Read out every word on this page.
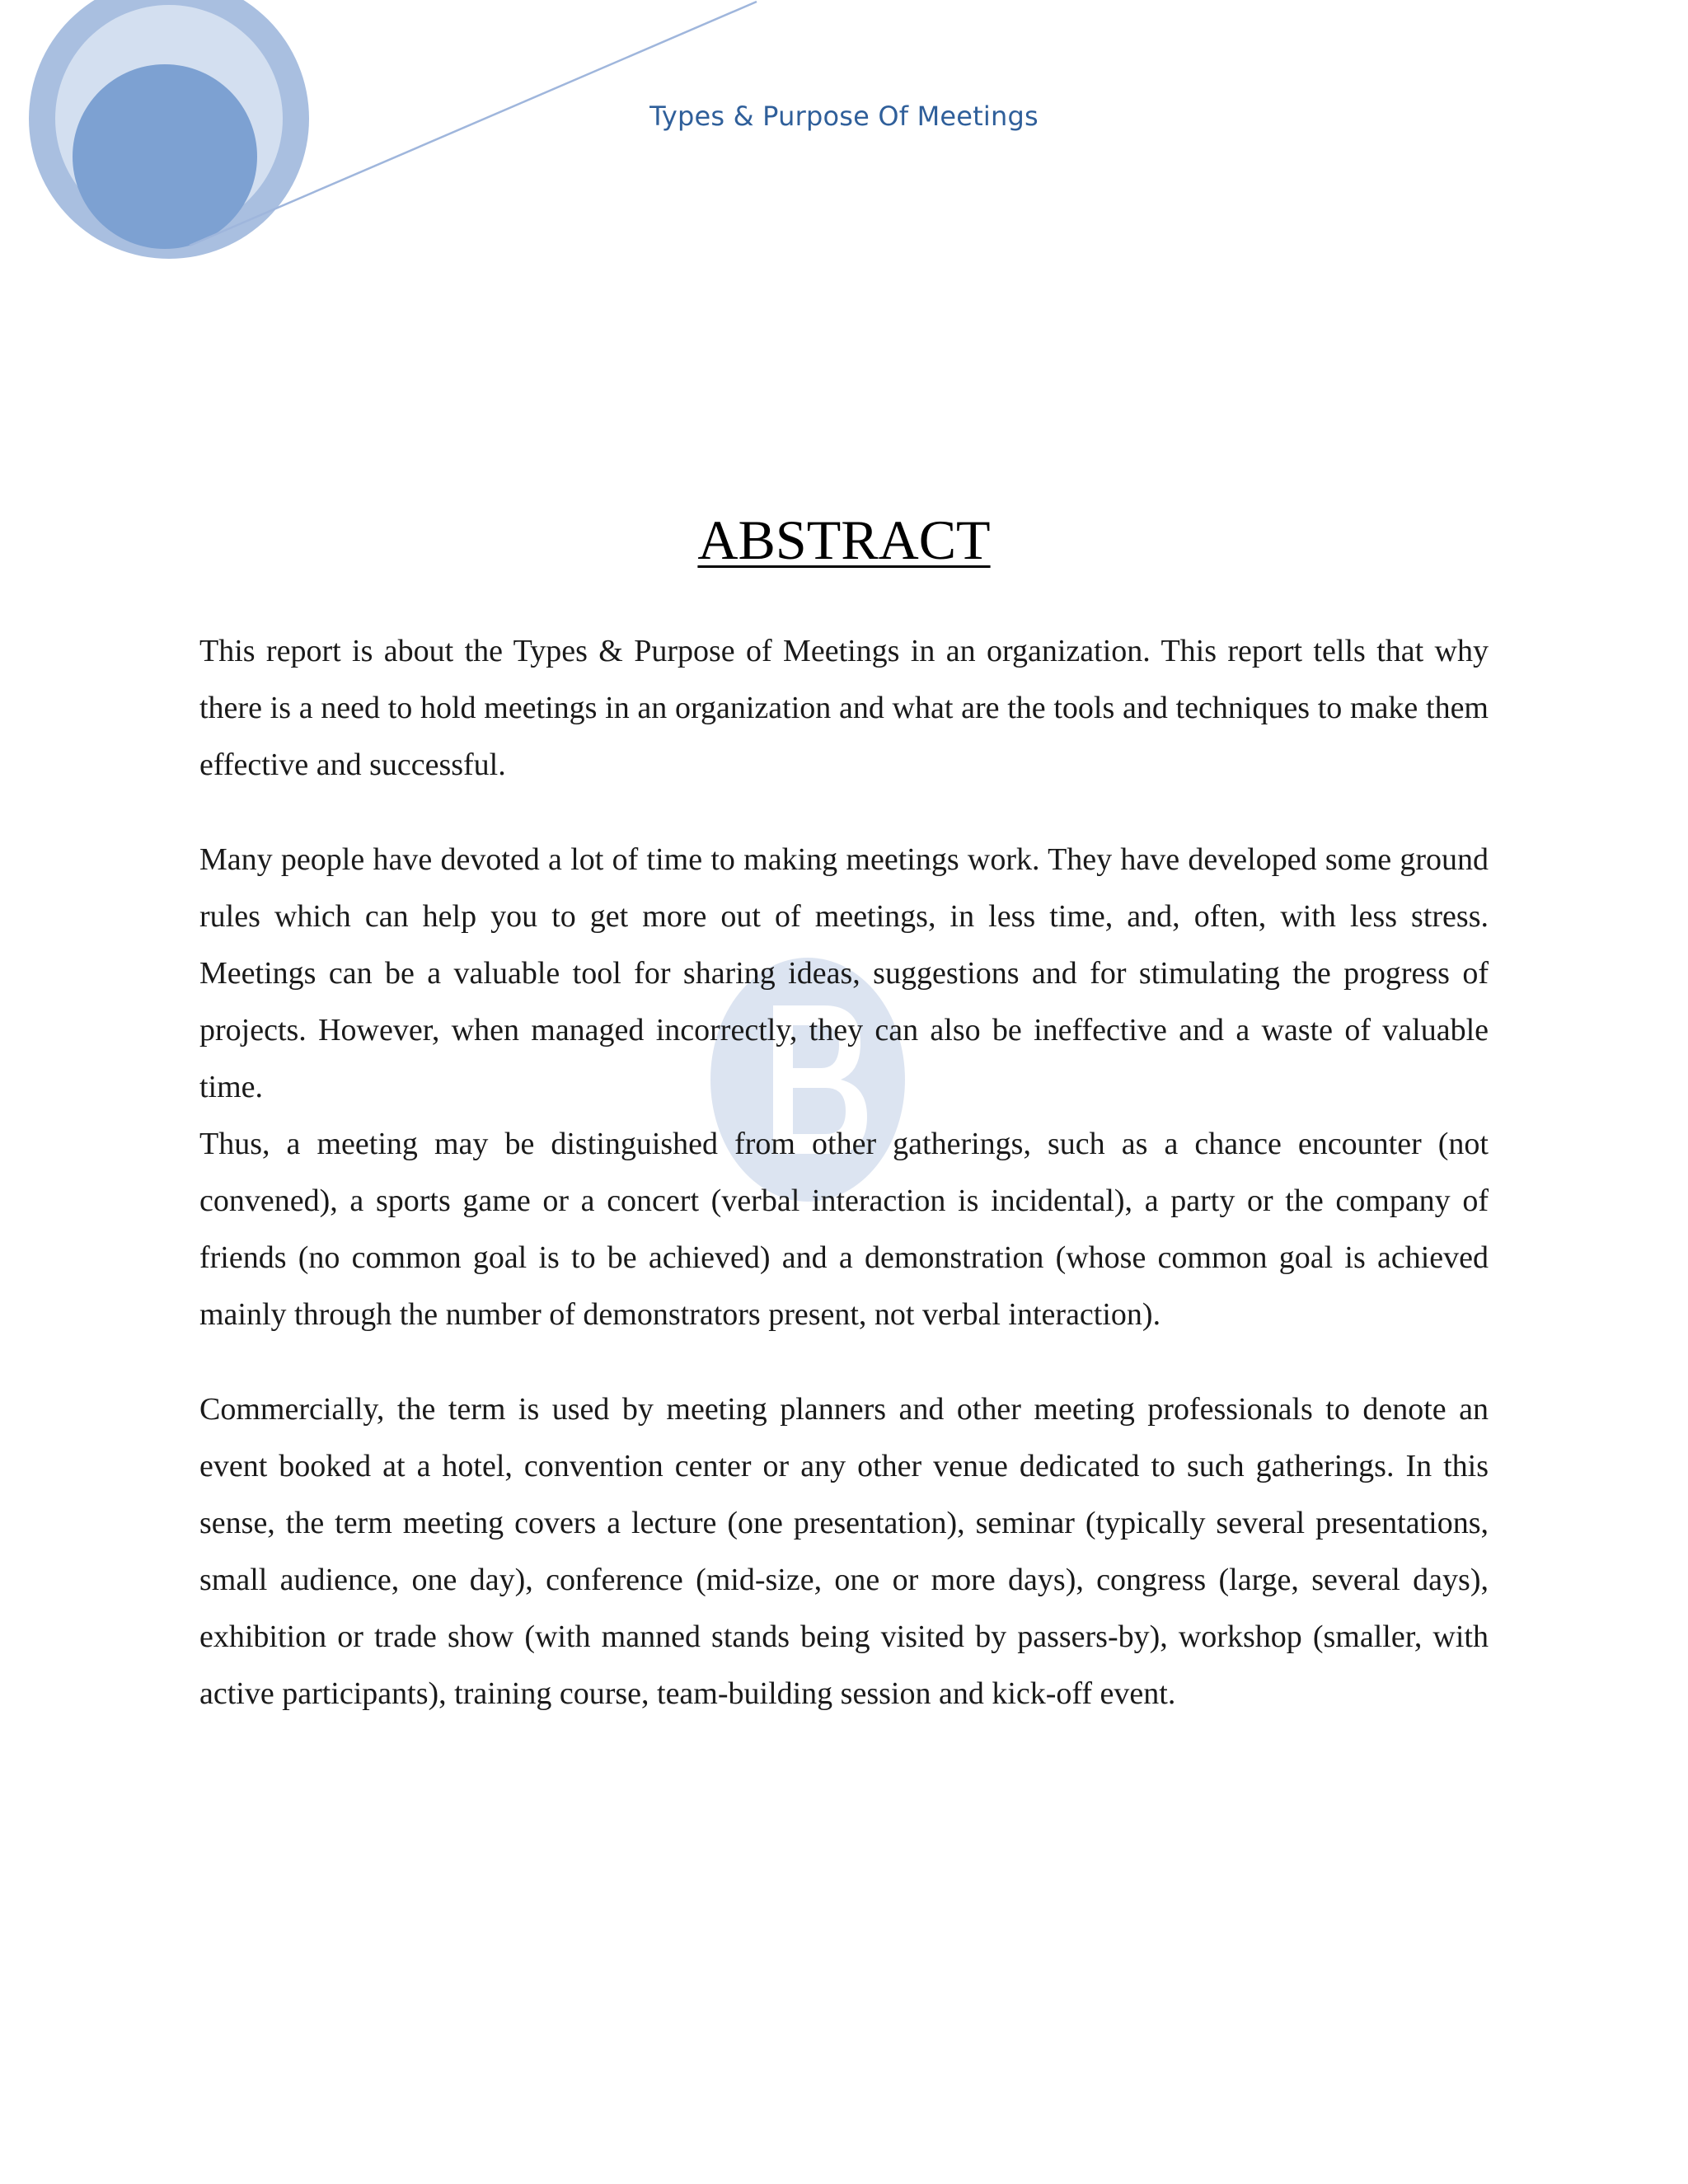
Types & Purpose Of Meetings
ABSTRACT

This report is about the Types & Purpose of Meetings in an organization. This report tells that why there is a need to hold meetings in an organization and what are the tools and techniques to make them effective and successful.

Many people have devoted a lot of time to making meetings work. They have developed some ground rules which can help you to get more out of meetings, in less time, and, often, with less stress. Meetings can be a valuable tool for sharing ideas, suggestions and for stimulating the progress of projects. However, when managed incorrectly, they can also be ineffective and a waste of valuable time.

Thus, a meeting may be distinguished from other gatherings, such as a chance encounter (not convened), a sports game or a concert (verbal interaction is incidental), a party or the company of friends (no common goal is to be achieved) and a demonstration (whose common goal is achieved mainly through the number of demonstrators present, not verbal interaction).

Commercially, the term is used by meeting planners and other meeting professionals to denote an event booked at a hotel, convention center or any other venue dedicated to such gatherings. In this sense, the term meeting covers a lecture (one presentation), seminar (typically several presentations, small audience, one day), conference (mid-size, one or more days), congress (large, several days), exhibition or trade show (with manned stands being visited by passers-by), workshop (smaller, with active participants), training course, team-building session and kick-off event.
